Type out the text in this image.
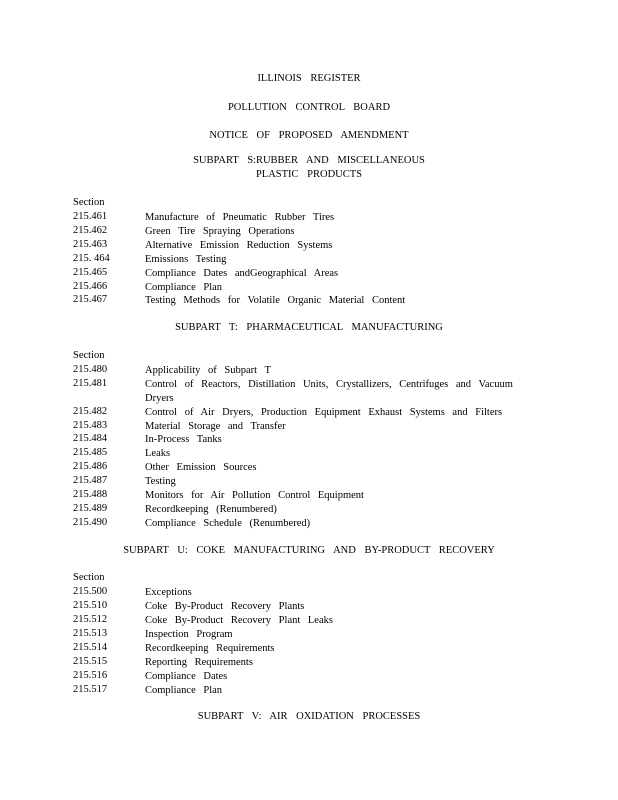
ILLINOIS REGISTER
POLLUTION CONTROL BOARD
NOTICE OF PROPOSED AMENDMENT
SUBPART S:RUBBER AND MISCELLANEOUS
PLASTIC PRODUCTS
Section
215.461	Manufacture of Pneumatic Rubber Tires
215.462	Green Tire Spraying Operations
215.463	Alternative Emission Reduction Systems
215. 464	Emissions Testing
215.465	Compliance Dates andGeographical Areas
215.466	Compliance Plan
215.467	Testing Methods for Volatile Organic Material Content
SUBPART T: PHARMACEUTICAL MANUFACTURING
Section
215.480	Applicability of Subpart T
215.481	Control of Reactors, Distillation Units, Crystallizers, Centrifuges and Vacuum Dryers
215.482	Control of Air Dryers, Production Equipment Exhaust Systems and Filters
215.483	Material Storage and Transfer
215.484	In-Process Tanks
215.485	Leaks
215.486	Other Emission Sources
215.487	Testing
215.488	Monitors for Air Pollution Control Equipment
215.489	Recordkeeping (Renumbered)
215.490	Compliance Schedule (Renumbered)
SUBPART U: COKE MANUFACTURING AND BY-PRODUCT RECOVERY
Section
215.500	Exceptions
215.510	Coke By-Product Recovery Plants
215.512	Coke By-Product Recovery Plant Leaks
215.513	Inspection Program
215.514	Recordkeeping Requirements
215.515	Reporting Requirements
215.516	Compliance Dates
215.517	Compliance Plan
SUBPART V: AIR OXIDATION PROCESSES
